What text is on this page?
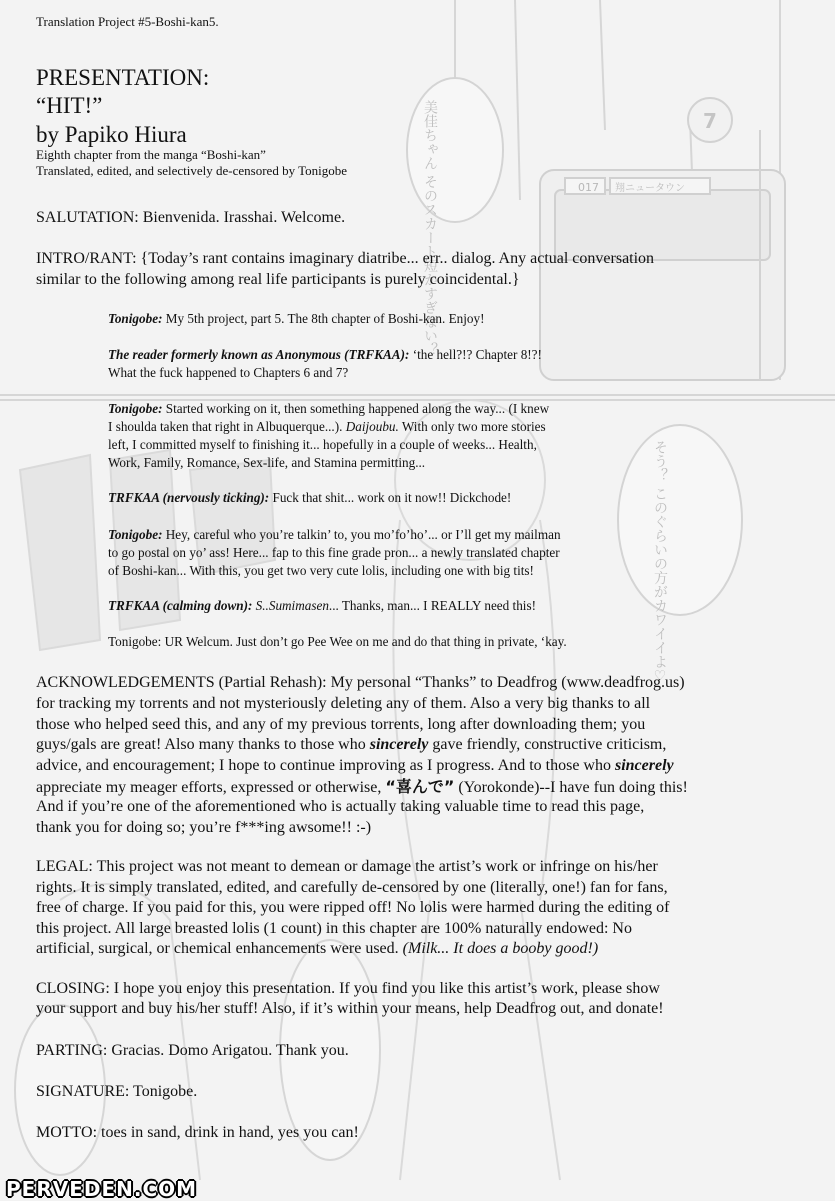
017 翔ニュータウン
7
美佳ちゃん そのスカート短かすぎない？
そう？ このぐらいの方がカワイイよ♡
Translation Project #5-Boshi-kan5.
PRESENTATION:
“HIT!”
by Papiko Hiura
Eighth chapter from the manga “Boshi-kan”
Translated, edited, and selectively de-censored by Tonigobe
SALUTATION: Bienvenida. Irasshai. Welcome.
INTRO/RANT: {Today’s rant contains imaginary diatribe... err.. dialog. Any actual conversation
similar to the following among real life participants is purely coincidental.}
Tonigobe: My 5th project, part 5. The 8th chapter of Boshi-kan. Enjoy!
The reader formerly known as Anonymous (TRFKAA): ‘the hell?!? Chapter 8!?!
What the fuck happened to Chapters 6 and 7?
Tonigobe: Started working on it, then something happened along the way... (I knew
I shoulda taken that right in Albuquerque...). Daijoubu. With only two more stories
left, I committed myself to finishing it... hopefully in a couple of weeks... Health,
Work, Family, Romance, Sex-life, and Stamina permitting...
TRFKAA (nervously ticking): Fuck that shit... work on it now!! Dickchode!
Tonigobe: Hey, careful who you’re talkin’ to, you mo’fo’ho’... or I’ll get my mailman
to go postal on yo’ ass! Here... fap to this fine grade pron... a newly translated chapter
of Boshi-kan... With this, you get two very cute lolis, including one with big tits!
TRFKAA (calming down): S..Sumimasen... Thanks, man... I REALLY need this!
Tonigobe: UR Welcum. Just don’t go Pee Wee on me and do that thing in private, ‘kay.
ACKNOWLEDGEMENTS (Partial Rehash): My personal “Thanks” to Deadfrog (www.deadfrog.us)
for tracking my torrents and not mysteriously deleting any of them. Also a very big thanks to all
those who helped seed this, and any of my previous torrents, long after downloading them; you
guys/gals are great! Also many thanks to those who sincerely gave friendly, constructive criticism,
advice, and encouragement; I hope to continue improving as I progress. And to those who sincerely
appreciate my meager efforts, expressed or otherwise, “喜んで” (Yorokonde)--I have fun doing this!
And if you’re one of the aforementioned who is actually taking valuable time to read this page,
thank you for doing so; you’re f***ing awsome!! :-)
LEGAL: This project was not meant to demean or damage the artist’s work or infringe on his/her
rights. It is simply translated, edited, and carefully de-censored by one (literally, one!) fan for fans,
free of charge. If you paid for this, you were ripped off! No lolis were harmed during the editing of
this project. All large breasted lolis (1 count) in this chapter are 100% naturally endowed: No
artificial, surgical, or chemical enhancements were used. (Milk... It does a booby good!)
CLOSING: I hope you enjoy this presentation. If you find you like this artist’s work, please show
your support and buy his/her stuff! Also, if it’s within your means, help Deadfrog out, and donate!
PARTING: Gracias. Domo Arigatou. Thank you.
SIGNATURE: Tonigobe.
MOTTO: toes in sand, drink in hand, yes you can!
PERVEDEN.COM
